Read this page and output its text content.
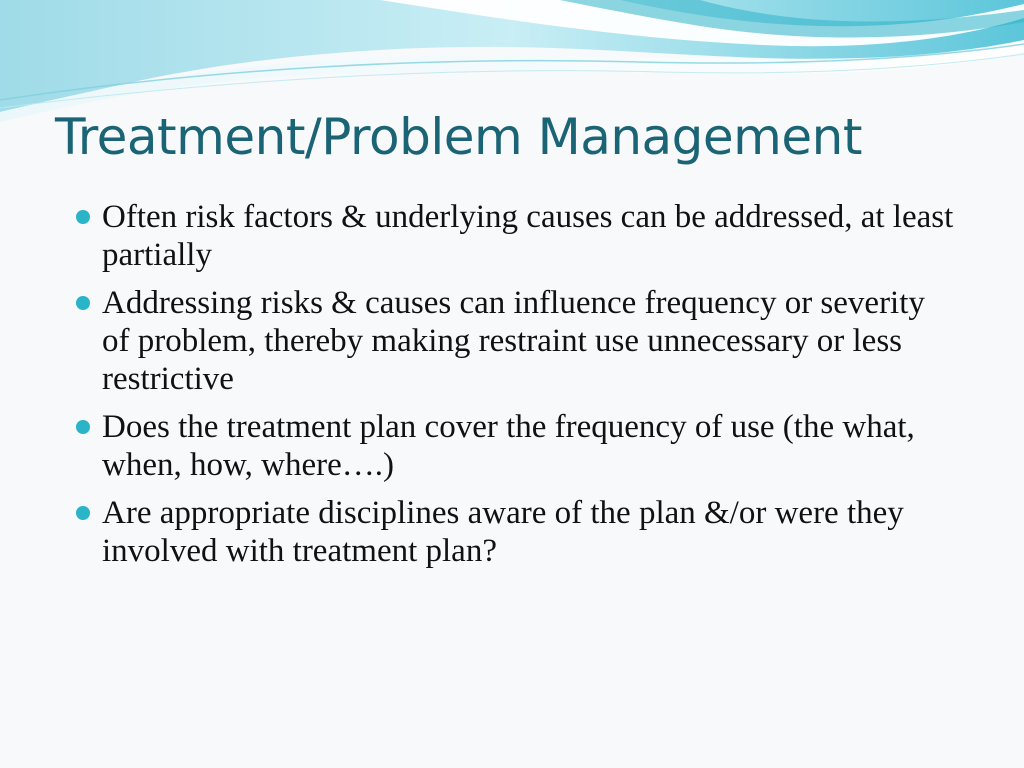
Treatment/Problem Management
Often risk factors & underlying causes can be addressed, at least partially
Addressing risks & causes can influence frequency or severity of problem, thereby making restraint use unnecessary or less restrictive
Does the treatment plan cover the frequency of use (the what, when, how, where….)
Are appropriate disciplines aware of the plan &/or were they involved with treatment plan?
